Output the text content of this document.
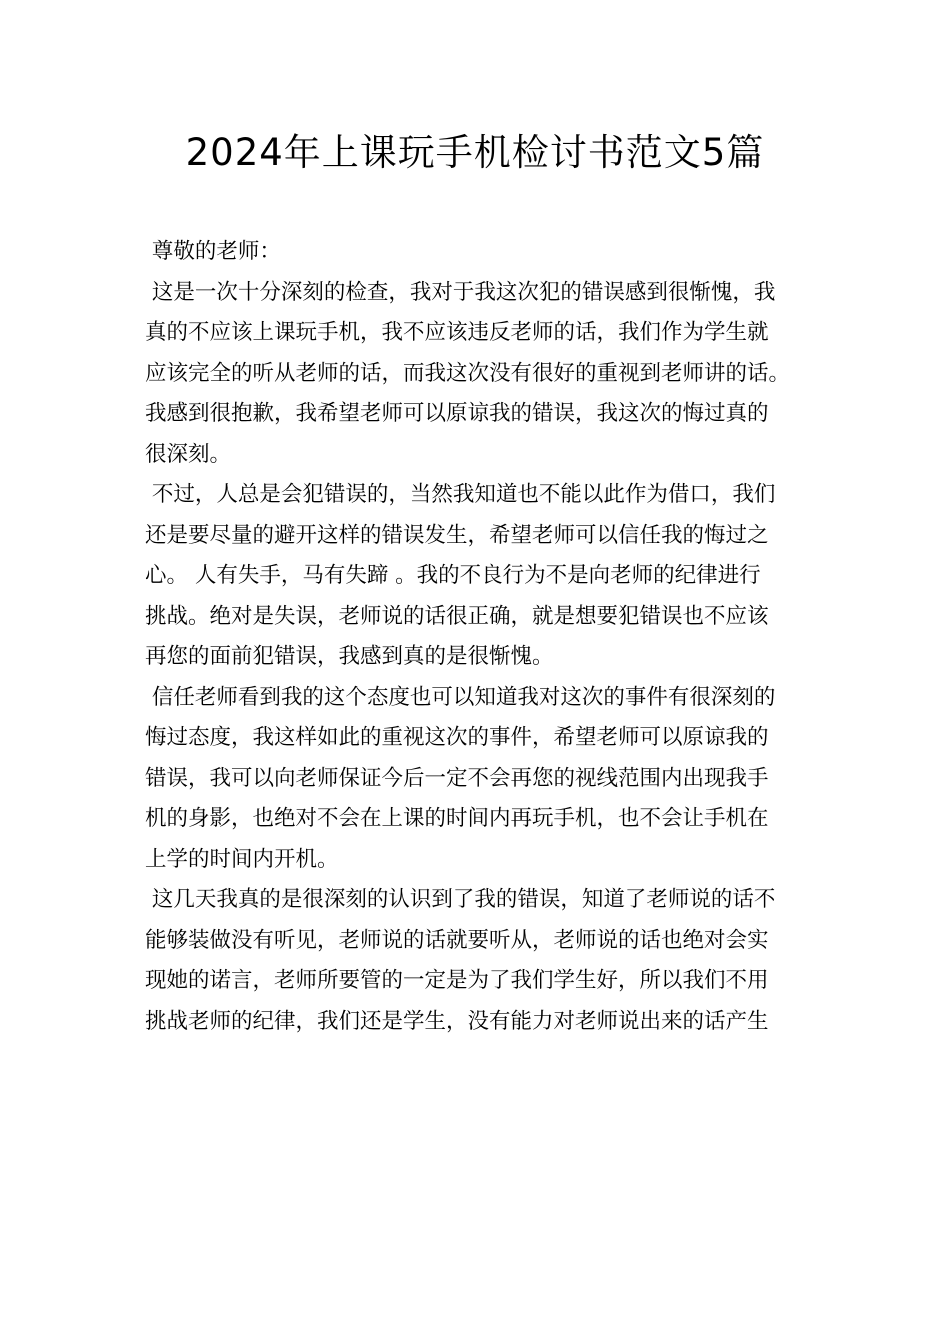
2024年上课玩手机检讨书范文5篇
尊敬的老师：
这是一次十分深刻的检查，我对于我这次犯的错误感到很惭愧，我
真的不应该上课玩手机，我不应该违反老师的话，我们作为学生就
应该完全的听从老师的话，而我这次没有很好的重视到老师讲的话。
我感到很抱歉，我希望老师可以原谅我的错误，我这次的悔过真的
很深刻。
不过，人总是会犯错误的，当然我知道也不能以此作为借口，我们
还是要尽量的避开这样的错误发生，希望老师可以信任我的悔过之
心。 人有失手，马有失蹄 。我的不良行为不是向老师的纪律进行
挑战。绝对是失误，老师说的话很正确，就是想要犯错误也不应该
再您的面前犯错误，我感到真的是很惭愧。
信任老师看到我的这个态度也可以知道我对这次的事件有很深刻的
悔过态度，我这样如此的重视这次的事件，希望老师可以原谅我的
错误，我可以向老师保证今后一定不会再您的视线范围内出现我手
机的身影，也绝对不会在上课的时间内再玩手机，也不会让手机在
上学的时间内开机。
这几天我真的是很深刻的认识到了我的错误，知道了老师说的话不
能够装做没有听见，老师说的话就要听从，老师说的话也绝对会实
现她的诺言，老师所要管的一定是为了我们学生好，所以我们不用
挑战老师的纪律，我们还是学生，没有能力对老师说出来的话产生
